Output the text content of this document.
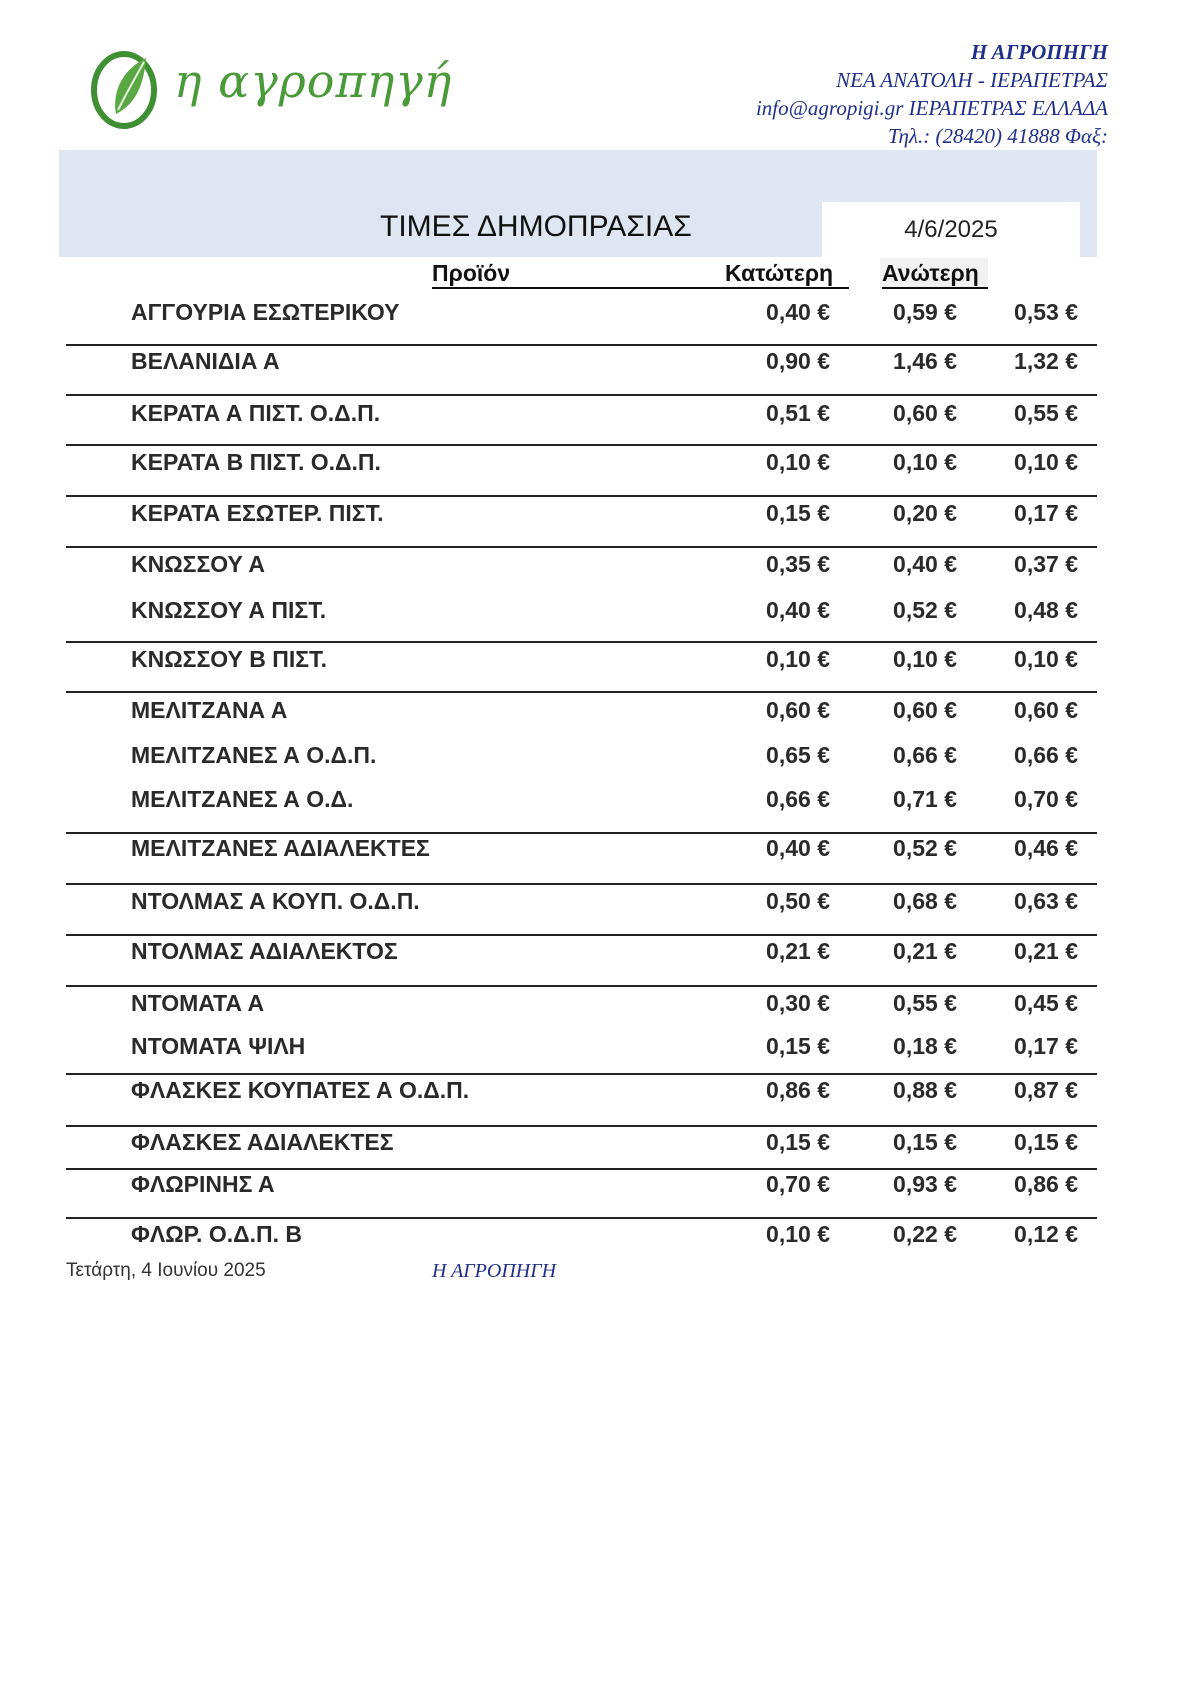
η αγροπηγή
Η ΑΓΡΟΠΗΓΗ
ΝΕΑ ΑΝΑΤΟΛΗ - ΙΕΡΑΠΕΤΡΑΣ
info@agropigi.gr ΙΕΡΑΠΕΤΡΑΣ ΕΛΛΑΔΑ
Τηλ.: (28420) 41888 Φαξ:
ΤΙΜΕΣ ΔΗΜΟΠΡΑΣΙΑΣ	4/6/2025
Προϊόν	Κατώτερη Ανώτερη
ΑΓΓΟΥΡΙΑ ΕΣΩΤΕΡΙΚΟΥ	0,40 €	0,59 €	0,53 €
ΒΕΛΑΝΙΔΙΑ Α	0,90 €	1,46 €	1,32 €
ΚΕΡΑΤΑ Α ΠΙΣΤ. Ο.Δ.Π.	0,51 €	0,60 €	0,55 €
ΚΕΡΑΤΑ Β ΠΙΣΤ. Ο.Δ.Π.	0,10 €	0,10 €	0,10 €
ΚΕΡΑΤΑ ΕΣΩΤΕΡ. ΠΙΣΤ.	0,15 €	0,20 €	0,17 €
ΚΝΩΣΣΟΥ Α	0,35 €	0,40 €	0,37 €
ΚΝΩΣΣΟΥ Α ΠΙΣΤ.	0,40 €	0,52 €	0,48 €
ΚΝΩΣΣΟΥ Β ΠΙΣΤ.	0,10 €	0,10 €	0,10 €
ΜΕΛΙΤΖΑΝΑ Α	0,60 €	0,60 €	0,60 €
ΜΕΛΙΤΖΑΝΕΣ Α Ο.Δ.Π.	0,65 €	0,66 €	0,66 €
ΜΕΛΙΤΖΑΝΕΣ Α Ο.Δ.	0,66 €	0,71 €	0,70 €
ΜΕΛΙΤΖΑΝΕΣ ΑΔΙΑΛΕΚΤΕΣ	0,40 €	0,52 €	0,46 €
ΝΤΟΛΜΑΣ Α ΚΟΥΠ. Ο.Δ.Π.	0,50 €	0,68 €	0,63 €
ΝΤΟΛΜΑΣ ΑΔΙΑΛΕΚΤΟΣ	0,21 €	0,21 €	0,21 €
ΝΤΟΜΑΤΑ Α	0,30 €	0,55 €	0,45 €
ΝΤΟΜΑΤΑ ΨΙΛΗ	0,15 €	0,18 €	0,17 €
ΦΛΑΣΚΕΣ ΚΟΥΠΑΤΕΣ Α Ο.Δ.Π.	0,86 €	0,88 €	0,87 €
ΦΛΑΣΚΕΣ ΑΔΙΑΛΕΚΤΕΣ	0,15 €	0,15 €	0,15 €
ΦΛΩΡΙΝΗΣ Α	0,70 €	0,93 €	0,86 €
ΦΛΩΡ. Ο.Δ.Π. Β	0,10 €	0,22 €	0,12 €
Τετάρτη, 4 Ιουνίου 2025	Η ΑΓΡΟΠΗΓΗ
